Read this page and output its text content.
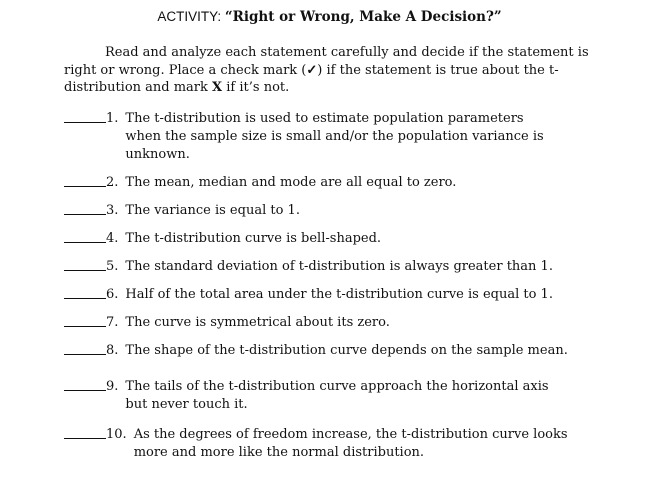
ACTIVITY: “Right or Wrong, Make A Decision?”

Read and analyze each statement carefully and decide if the statement is right or wrong. Place a check mark (✓) if the statement is true about the t-distribution and mark X if it’s not.

1. The t-distribution is used to estimate population parameters
when the sample size is small and/or the population variance is
unknown.
2. The mean, median and mode are all equal to zero.
3. The variance is equal to 1.
4. The t-distribution curve is bell-shaped.
5. The standard deviation of t-distribution is always greater than 1.
6. Half of the total area under the t-distribution curve is equal to 1.
7. The curve is symmetrical about its zero.
8. The shape of the t-distribution curve depends on the sample mean.
9. The tails of the t-distribution curve approach the horizontal axis
but never touch it.
10. As the degrees of freedom increase, the t-distribution curve looks
more and more like the normal distribution.
